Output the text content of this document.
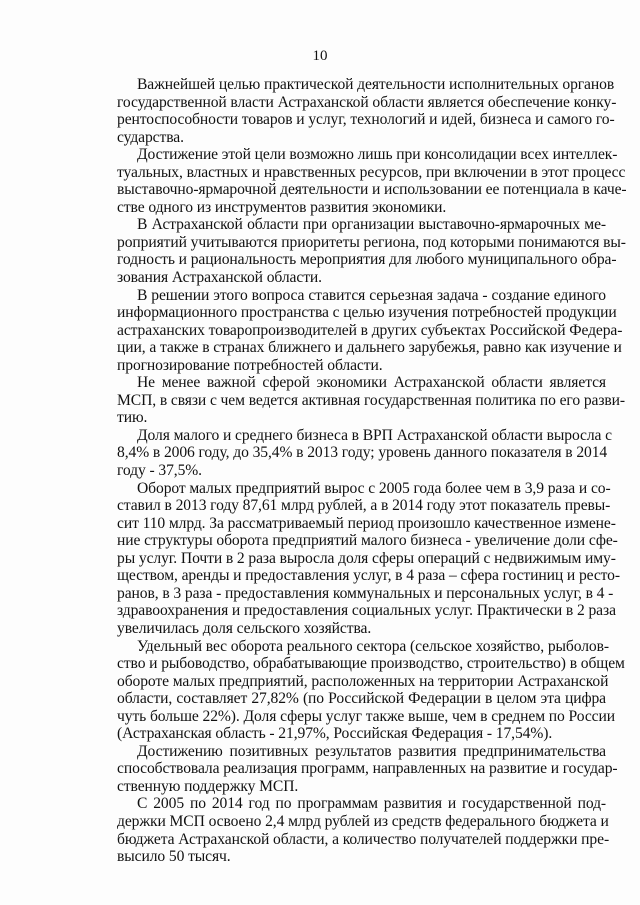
10
Важнейшей целью практической деятельности исполнительных органов
государственной власти Астраханской области является обеспечение конку-
рентоспособности товаров и услуг, технологий и идей, бизнеса и самого го-
сударства.
Достижение этой цели возможно лишь при консолидации всех интеллек-
туальных, властных и нравственных ресурсов, при включении в этот процесс
выставочно-ярмарочной деятельности и использовании ее потенциала в каче-
стве одного из инструментов развития экономики.
В Астраханской области при организации выставочно-ярмарочных ме-
роприятий учитываются приоритеты региона, под которыми понимаются вы-
годность и рациональность мероприятия для любого муниципального обра-
зования Астраханской области.
В решении этого вопроса ставится серьезная задача - создание единого
информационного пространства с целью изучения потребностей продукции
астраханских товаропроизводителей в других субъектах Российской Федера-
ции, а также в странах ближнего и дальнего зарубежья, равно как изучение и
прогнозирование потребностей области.
Не менее важной сферой экономики Астраханской области является
МСП, в связи с чем ведется активная государственная политика по его разви-
тию.
Доля малого и среднего бизнеса в ВРП Астраханской области выросла с
8,4% в 2006 году, до 35,4% в 2013 году; уровень данного показателя в 2014
году - 37,5%.
Оборот малых предприятий вырос с 2005 года более чем в 3,9 раза и со-
ставил в 2013 году 87,61 млрд рублей, а в 2014 году этот показатель превы-
сит 110 млрд. За рассматриваемый период произошло качественное измене-
ние структуры оборота предприятий малого бизнеса - увеличение доли сфе-
ры услуг. Почти в 2 раза выросла доля сферы операций с недвижимым иму-
ществом, аренды и предоставления услуг, в 4 раза – сфера гостиниц и ресто-
ранов, в 3 раза - предоставления коммунальных и персональных услуг, в 4 -
здравоохранения и предоставления социальных услуг. Практически в 2 раза
увеличилась доля сельского хозяйства.
Удельный вес оборота реального сектора (сельское хозяйство, рыболов-
ство и рыбоводство, обрабатывающие производство, строительство) в общем
обороте малых предприятий, расположенных на территории Астраханской
области, составляет 27,82% (по Российской Федерации в целом эта цифра
чуть больше 22%). Доля сферы услуг также выше, чем в среднем по России
(Астраханская область - 21,97%, Российская Федерация - 17,54%).
Достижению позитивных результатов развития предпринимательства
способствовала реализация программ, направленных на развитие и государ-
ственную поддержку МСП.
С 2005 по 2014 год по программам развития и государственной под-
держки МСП освоено 2,4 млрд рублей из средств федерального бюджета и
бюджета Астраханской области, а количество получателей поддержки пре-
высило 50 тысяч.
